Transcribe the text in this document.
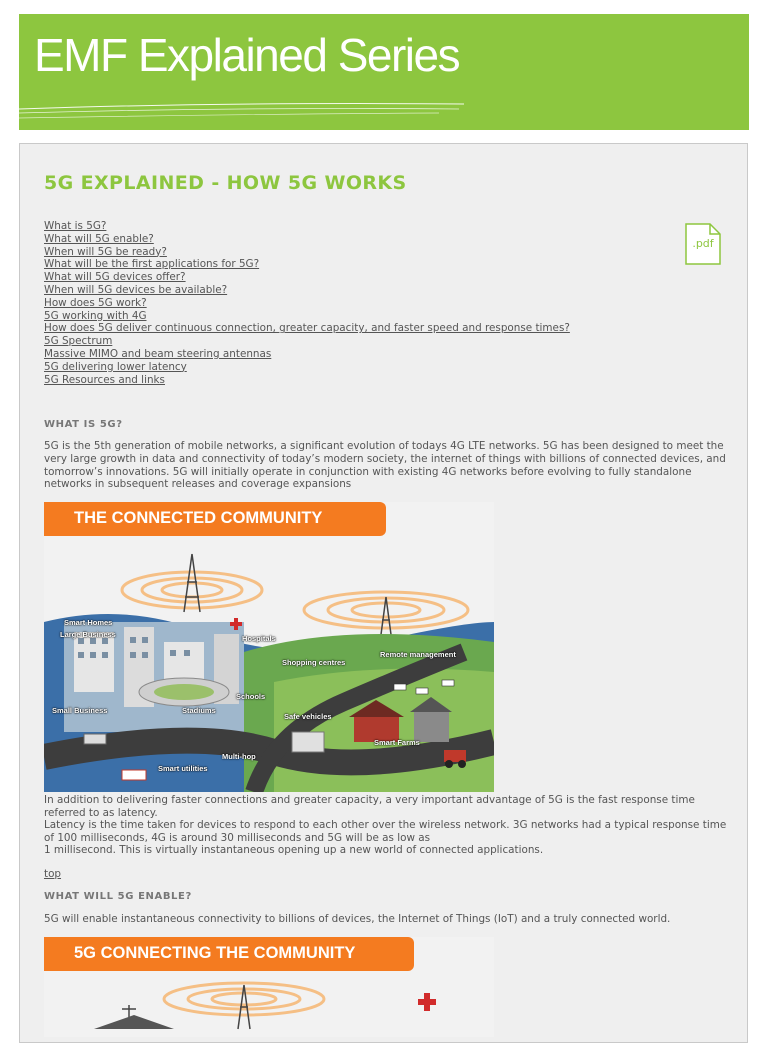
EMF Explained Series
5G EXPLAINED - HOW 5G WORKS
What is 5G?
What will 5G enable?
When will 5G be ready?
What will be the first applications for 5G?
What will 5G devices offer?
When will 5G devices be available?
How does 5G work?
5G working with 4G
How does 5G deliver continuous connection, greater capacity, and faster speed and response times?
5G Spectrum
Massive MIMO and beam steering antennas
5G delivering lower latency
5G Resources and links
.pdf
WHAT IS 5G?

5G is the 5th generation of mobile networks, a significant evolution of todays 4G LTE networks. 5G has been designed to meet the very large growth in data and connectivity of today’s modern society, the internet of things with billions of connected devices, and tomorrow’s innovations. 5G will initially operate in conjunction with existing 4G networks before evolving to fully standalone networks in subsequent releases and coverage expansions

THE CONNECTED COMMUNITY
Smart Homes
Large Business	Hospitals
Shopping centres
Remote management
Schools
Small Business	Stadiums
Safe vehicles
Smart Farms
Smart utilities
Multi-hop

In addition to delivering faster connections and greater capacity, a very important advantage of 5G is the fast response time referred to as latency.

Latency is the time taken for devices to respond to each other over the wireless network. 3G networks had a typical response time of 100 milliseconds, 4G is around 30 milliseconds and 5G will be as low as

1 millisecond. This is virtually instantaneous opening up a new world of connected applications.

top
WHAT WILL 5G ENABLE?

5G will enable instantaneous connectivity to billions of devices, the Internet of Things (IoT) and a truly connected world.

5G CONNECTING THE COMMUNITY
